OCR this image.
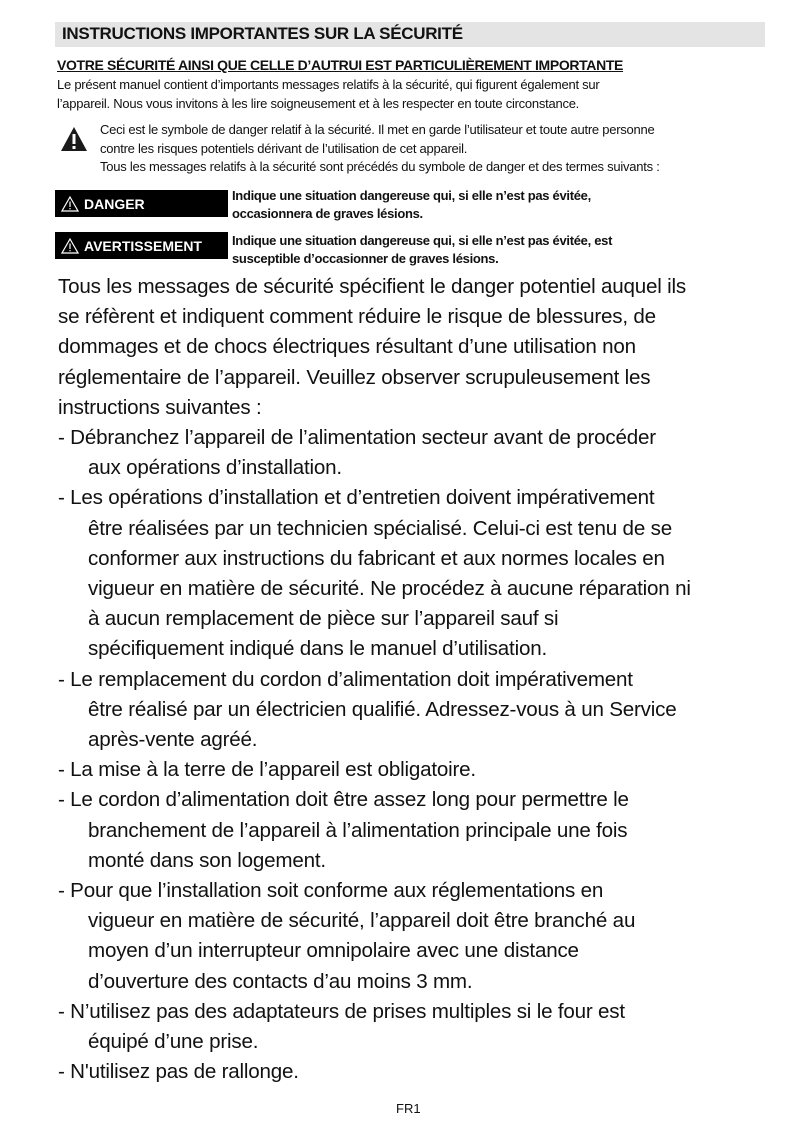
INSTRUCTIONS IMPORTANTES SUR LA SÉCURITÉ
VOTRE SÉCURITÉ AINSI QUE CELLE D’AUTRUI EST PARTICULIÈREMENT IMPORTANTE
Le présent manuel contient d’importants messages relatifs à la sécurité, qui figurent également sur
l’appareil. Nous vous invitons à les lire soigneusement et à les respecter en toute circonstance.
Ceci est le symbole de danger relatif à la sécurité. Il met en garde l’utilisateur et toute autre personne
contre les risques potentiels dérivant de l’utilisation de cet appareil.
Tous les messages relatifs à la sécurité sont précédés du symbole de danger et des termes suivants :
DANGER	Indique une situation dangereuse qui, si elle n’est pas évitée,
occasionnera de graves lésions.
AVERTISSEMENT Indique une situation dangereuse qui, si elle n’est pas évitée, est
susceptible d’occasionner de graves lésions.
Tous les messages de sécurité spécifient le danger potentiel auquel ils
se réfèrent et indiquent comment réduire le risque de blessures, de
dommages et de chocs électriques résultant d’une utilisation non
réglementaire de l’appareil. Veuillez observer scrupuleusement les
instructions suivantes :
- Débranchez l’appareil de l’alimentation secteur avant de procéder
aux opérations d’installation.
- Les opérations d’installation et d’entretien doivent impérativement
être réalisées par un technicien spécialisé. Celui-ci est tenu de se
conformer aux instructions du fabricant et aux normes locales en
vigueur en matière de sécurité. Ne procédez à aucune réparation ni
à aucun remplacement de pièce sur l’appareil sauf si
spécifiquement indiqué dans le manuel d’utilisation.
- Le remplacement du cordon d’alimentation doit impérativement
être réalisé par un électricien qualifié. Adressez-vous à un Service
après-vente agréé.
- La mise à la terre de l’appareil est obligatoire.
- Le cordon d’alimentation doit être assez long pour permettre le
branchement de l’appareil à l’alimentation principale une fois
monté dans son logement.
- Pour que l’installation soit conforme aux réglementations en
vigueur en matière de sécurité, l’appareil doit être branché au
moyen d’un interrupteur omnipolaire avec une distance
d’ouverture des contacts d’au moins 3 mm.
- N’utilisez pas des adaptateurs de prises multiples si le four est
équipé d’une prise.
- N'utilisez pas de rallonge.
FR1
